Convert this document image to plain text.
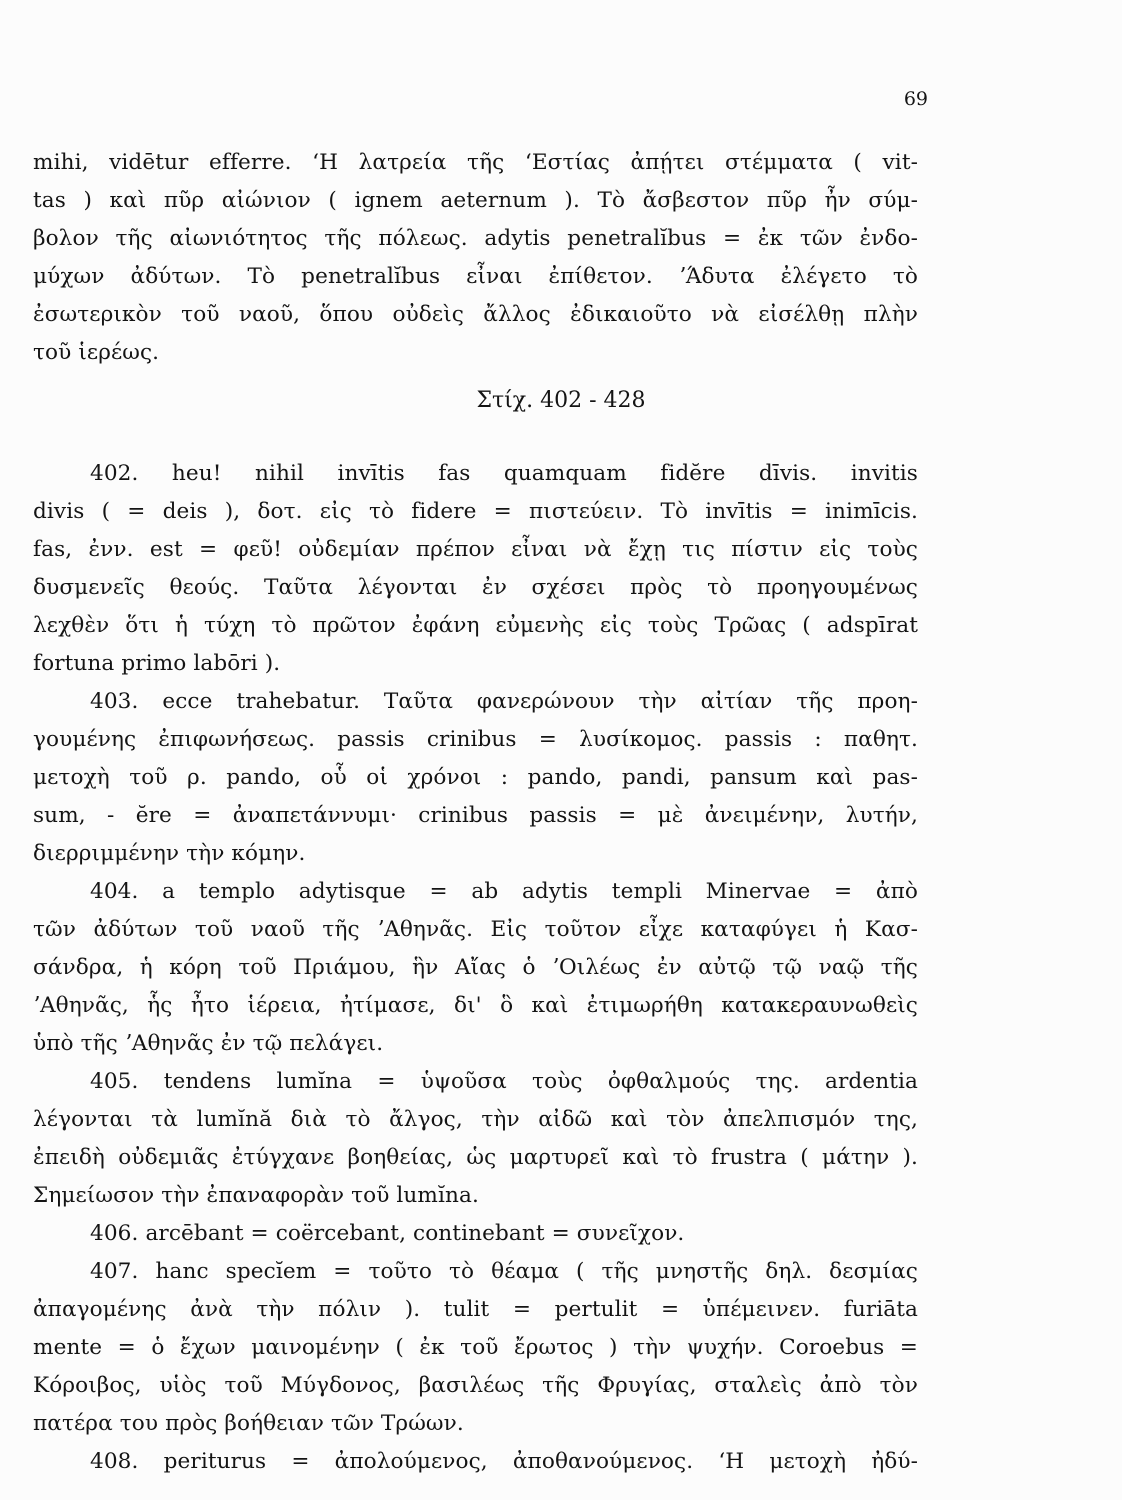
69
mihi, vidētur efferre. ʻΗ λατρεία τῆς ʻΕστίας ἀπῄτει στέμματα ( vit-
tas ) καὶ πῦρ αἰώνιον ( ignem aeternum ). Τὸ ἄσβεστον πῦρ ἦν σύμ-
βολον τῆς αἰωνιότητος τῆς πόλεως. adytis penetralĭbus = ἐκ τῶν ἐνδο-
μύχων ἀδύτων. Τὸ penetralĭbus εἶναι ἐπίθετον. ʼΆδυτα ἐλέγετο τὸ
ἐσωτερικὸν τοῦ ναοῦ, ὅπου οὐδεὶς ἄλλος ἐδικαιοῦτο νὰ εἰσέλθῃ πλὴν
τοῦ ἱερέως.
Στίχ. 402 - 428
402. heu! nihil invītis fas quamquam fidĕre dīvis. invitis
divis ( = deis ), δοτ. εἰς τὸ fidere = πιστεύειν. Τὸ invītis = inimīcis.
fas, ἐνν. est = φεῦ! οὐδεμίαν πρέπον εἶναι νὰ ἔχῃ τις πίστιν εἰς τοὺς
δυσμενεῖς θεούς. Ταῦτα λέγονται ἐν σχέσει πρὸς τὸ προηγουμένως
λεχθὲν ὅτι ἡ τύχη τὸ πρῶτον ἐφάνη εὐμενὴς εἰς τοὺς Τρῶας ( adspīrat
fortuna primo labōri ).
403. ecce trahebatur. Ταῦτα φανερώνουν τὴν αἰτίαν τῆς προη-
γουμένης ἐπιφωνήσεως. passis crinibus = λυσίκομος. passis : παθητ.
μετοχὴ τοῦ ρ. pando, οὗ οἱ χρόνοι : pando, pandi, pansum καὶ pas-
sum, - ĕre = ἀναπετάννυμι· crinibus passis = μὲ ἀνειμένην, λυτήν,
διερριμμένην τὴν κόμην.
404. a templo adytisque = ab adytis templi Minervae = ἀπὸ
τῶν ἀδύτων τοῦ ναοῦ τῆς ʼΑθηνᾶς. Εἰς τοῦτον εἶχε καταφύγει ἡ Κασ-
σάνδρα, ἡ κόρη τοῦ Πριάμου, ἣν Αἴας ὁ ʼΟιλέως ἐν αὐτῷ τῷ ναῷ τῆς
ʼΑθηνᾶς, ἧς ἦτο ἱέρεια, ἠτίμασε, δι' ὃ καὶ ἐτιμωρήθη κατακεραυνωθεὶς
ὑπὸ τῆς ʼΑθηνᾶς ἐν τῷ πελάγει.
405. tendens lumĭna = ὑψοῦσα τοὺς ὀφθαλμούς της. ardentia
λέγονται τὰ lumĭnă διὰ τὸ ἄλγος, τὴν αἰδῶ καὶ τὸν ἀπελπισμόν της,
ἐπειδὴ οὐδεμιᾶς ἐτύγχανε βοηθείας, ὡς μαρτυρεῖ καὶ τὸ frustra ( μάτην ).
Σημείωσον τὴν ἐπαναφορὰν τοῦ lumĭna.
406. arcēbant = coërcebant, continebant = συνεῖχον.
407. hanc specĭem = τοῦτο τὸ θέαμα ( τῆς μνηστῆς δηλ. δεσμίας
ἀπαγομένης ἀνὰ τὴν πόλιν ). tulit = pertulit = ὑπέμεινεν. furiāta
mente = ὁ ἔχων μαινομένην ( ἐκ τοῦ ἔρωτος ) τὴν ψυχήν. Coroebus =
Κόροιβος, υἱὸς τοῦ Μύγδονος, βασιλέως τῆς Φρυγίας, σταλεὶς ἀπὸ τὸν
πατέρα του πρὸς βοήθειαν τῶν Τρώων.
408. periturus = ἀπολούμενος, ἀποθανούμενος. ʻΗ μετοχὴ ἠδύ-
